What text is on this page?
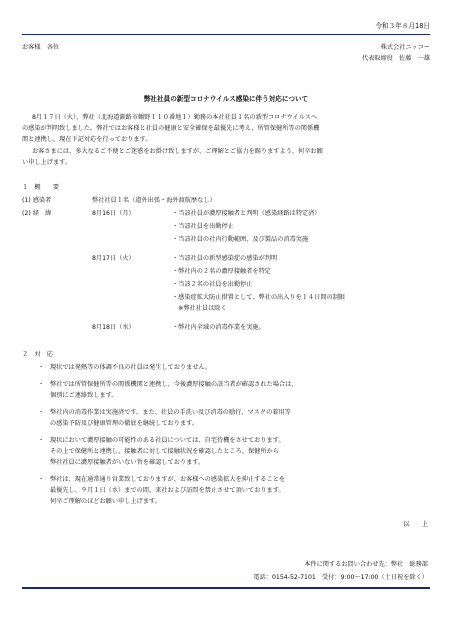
令和３年８月18日
お客様　各位	株式会社ニッコー
代表取締役　佐藤　一雄
弊社社員の新型コロナウイルス感染に伴う対応について
8月１７日（火）、弊社（北海道釧路市鶴野１１０番地１）勤務の本社社員１名の新型コロナウイルスへ
の感染が判明致しました。弊社ではお客様と社員の健康と安全確保を最優先に考え、所管保健所等の関係機
関と連携し、現在下記対応を行っております。
お客さまには、多大なるご不便とご迷惑をお掛け致しますが、ご理解とご協力を賜りますよう、何卒お願
い申し上げます。
１　概　　要
(1) 感染者	弊社社員１名（道外出張・海外渡航歴なし）
(2) 経　緯	8月16日（月）	・当該社員が濃厚接触者と判明（感染経路は特定済）
・当該社員を出勤停止
・当該社員の社内行動範囲、及び製品の消毒実施
8月17日（火）	・当該社員の新型感染症の感染が判明
・弊社内の２名の濃厚接触者を特定
・当該２名の社員を出勤停止
・感染症拡大防止措置として、弊社の出入りを１４日間の制限
　※弊社社員は除く
8月18日（水）	・弊社内全域の消毒作業を実施。
２　対　応
・ 現状では発熱等の体調不良の社員は発生しておりません。
・ 弊社では所管保健所等の関係機関と連携し、今後濃厚接触の該当者が確認された場合は、
個別にご連絡致します。
・ 弊社内の消毒作業は実施済です。また、社員の手洗い及び消毒の励行、マスクの着用等
の感染予防及び健康管理の徹底を継続しております。
・ 現状において濃厚接触の可能性のある社員については、自宅待機をさせております。
その上で保健所と連携し、接触者に対して接触状況を確認したところ、保健所から
弊社社員に濃厚接触者がいない旨を確認しております。
・ 弊社は、現在通常通り営業致しておりますが、お客様への感染拡大を抑止することを
最優先し、９月１日（水）までの間、来社および訪問を禁止させて頂いております。
何卒ご理解のほどお願い申し上げます。
以　　上
本件に関するお問い合わせ先：弊社　総務部
電話：0154-52-7101　受付：9:00～17:00（土日祝を除く）
